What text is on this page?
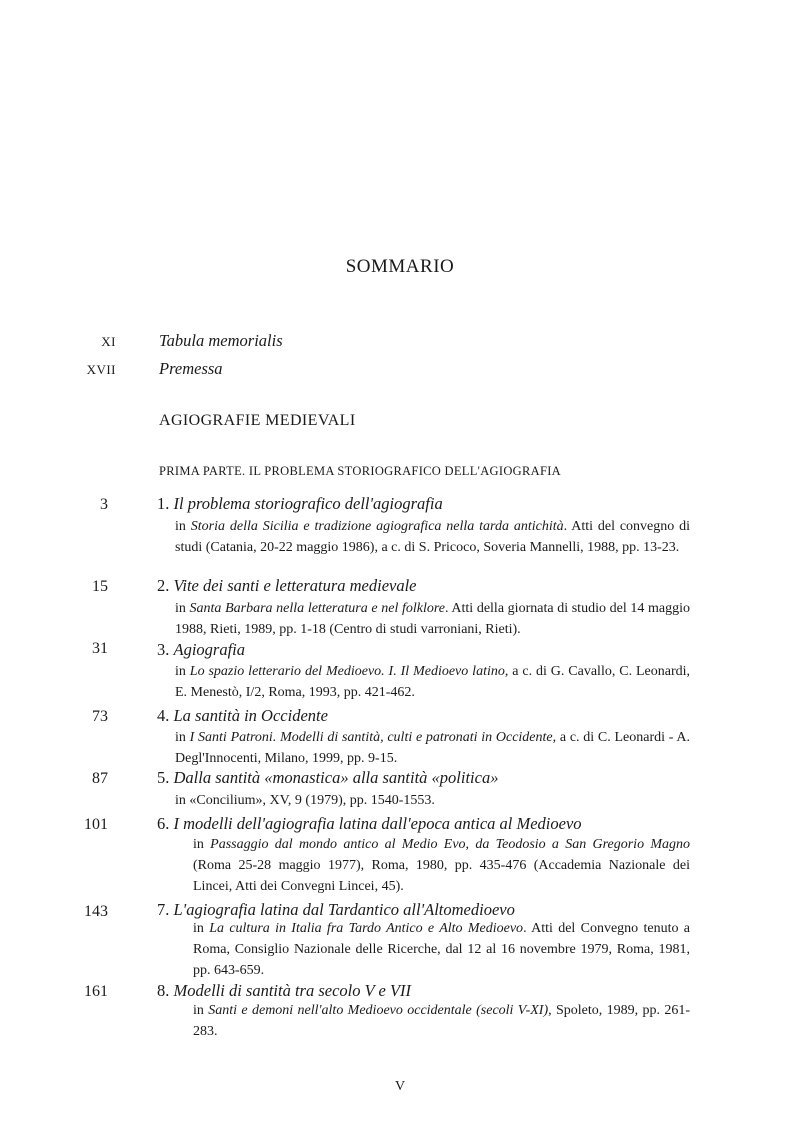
SOMMARIO
XI	Tabula memorialis
XVII	Premessa
AGIOGRAFIE MEDIEVALI
PRIMA PARTE. IL PROBLEMA STORIOGRAFICO DELL'AGIOGRAFIA
3	1. Il problema storiografico dell'agiografia
in Storia della Sicilia e tradizione agiografica nella tarda antichità. Atti del convegno di studi (Catania, 20-22 maggio 1986), a c. di S. Pricoco, Soveria Mannelli, 1988, pp. 13-23.
15	2. Vite dei santi e letteratura medievale
in Santa Barbara nella letteratura e nel folklore. Atti della giornata di studio del 14 maggio 1988, Rieti, 1989, pp. 1-18 (Centro di studi varroniani, Rieti).
31	3. Agiografia
in Lo spazio letterario del Medioevo. I. Il Medioevo latino, a c. di G. Cavallo, C. Leonardi, E. Menestò, I/2, Roma, 1993, pp. 421-462.
73	4. La santità in Occidente
in I Santi Patroni. Modelli di santità, culti e patronati in Occidente, a c. di C. Leonardi - A. Degl'Innocenti, Milano, 1999, pp. 9-15.
87	5. Dalla santità «monastica» alla santità «politica»
in «Concilium», XV, 9 (1979), pp. 1540-1553.
101	6. I modelli dell'agiografia latina dall'epoca antica al Medioevo
in Passaggio dal mondo antico al Medio Evo, da Teodosio a San Gregorio Magno (Roma 25-28 maggio 1977), Roma, 1980, pp. 435-476 (Accademia Nazionale dei Lincei, Atti dei Convegni Lincei, 45).
143	7. L'agiografia latina dal Tardantico all'Altomedioevo
in La cultura in Italia fra Tardo Antico e Alto Medioevo. Atti del Convegno tenuto a Roma, Consiglio Nazionale delle Ricerche, dal 12 al 16 novembre 1979, Roma, 1981, pp. 643-659.
161	8. Modelli di santità tra secolo V e VII
in Santi e demoni nell'alto Medioevo occidentale (secoli V-XI), Spoleto, 1989, pp. 261-283.
V
